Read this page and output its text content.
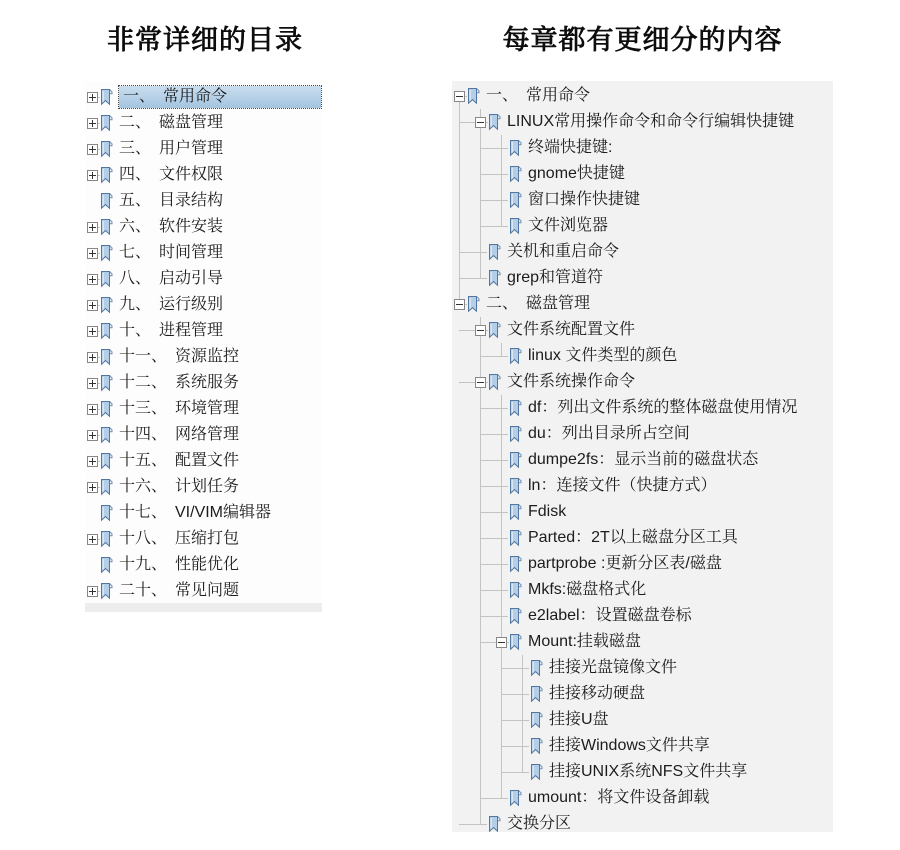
非常详细的目录	每章都有更细分的内容
一、　常用命令
二、　磁盘管理
三、　用户管理
四、　文件权限
五、　目录结构
六、　软件安装
七、　时间管理
八、　启动引导
九、　运行级别
十、　进程管理
十一、　资源监控
十二、　系统服务
十三、　环境管理
十四、　网络管理
十五、　配置文件
十六、　计划任务
十七、　VI/VIM编辑器
十八、　压缩打包
十九、　性能优化
二十、　常见问题
一、　常用命令
LINUX常用操作命令和命令行编辑快捷键
终端快捷键:
gnome快捷键
窗口操作快捷键
文件浏览器
关机和重启命令
grep和管道符
二、　磁盘管理
文件系统配置文件
linux 文件类型的颜色
文件系统操作命令
df：列出文件系统的整体磁盘使用情况
du：列出目录所占空间
dumpe2fs：显示当前的磁盘状态
ln：连接文件（快捷方式）
Fdisk
Parted：2T以上磁盘分区工具
partprobe :更新分区表/磁盘
Mkfs:磁盘格式化
e2label：设置磁盘卷标
Mount:挂载磁盘
挂接光盘镜像文件
挂接移动硬盘
挂接U盘
挂接Windows文件共享
挂接UNIX系统NFS文件共享
umount：将文件设备卸载
交换分区
